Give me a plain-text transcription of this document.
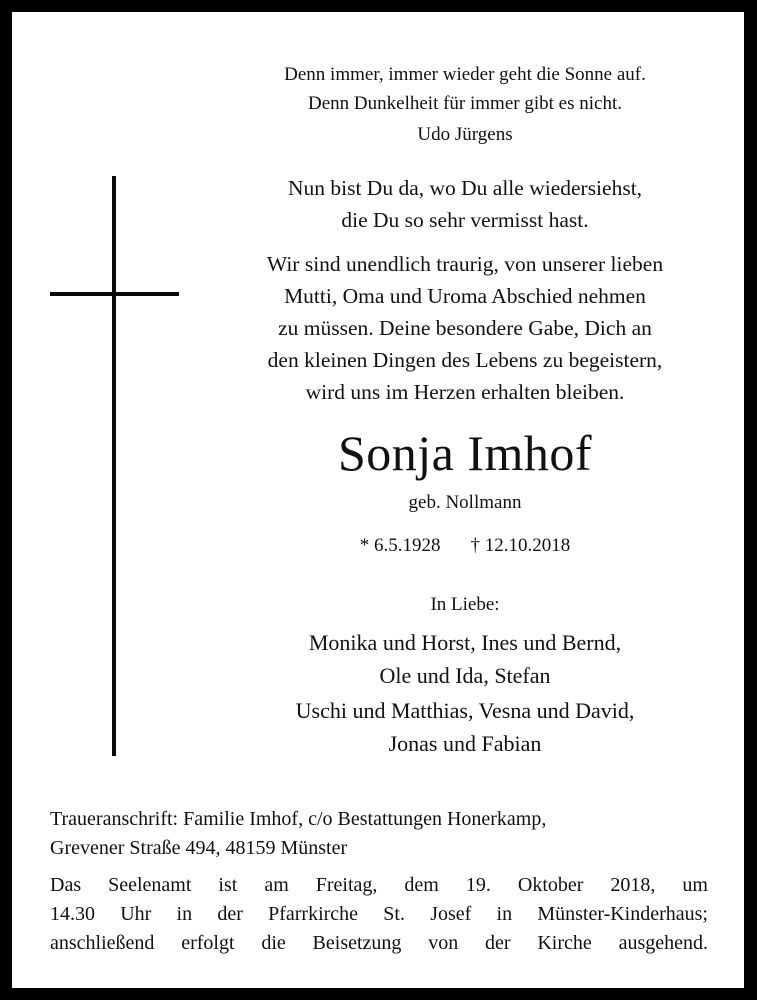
Denn immer, immer wieder geht die Sonne auf.
Denn Dunkelheit für immer gibt es nicht.
Udo Jürgens
Nun bist Du da, wo Du alle wiedersiehst,
die Du so sehr vermisst hast.
Wir sind unendlich traurig, von unserer lieben
Mutti, Oma und Uroma Abschied nehmen
zu müssen. Deine besondere Gabe, Dich an
den kleinen Dingen des Lebens zu begeistern,
wird uns im Herzen erhalten bleiben.
Sonja Imhof
geb. Nollmann
* 6.5.1928 † 12.10.2018
In Liebe:
Monika und Horst, Ines und Bernd,
Ole und Ida, Stefan
Uschi und Matthias, Vesna und David,
Jonas und Fabian
Traueranschrift: Familie Imhof, c/o Bestattungen Honerkamp,
Grevener Straße 494, 48159 Münster
Das Seelenamt ist am Freitag, dem 19. Oktober 2018, um
14.30 Uhr in der Pfarrkirche St. Josef in Münster-Kinderhaus;
anschließend erfolgt die Beisetzung von der Kirche ausgehend.
